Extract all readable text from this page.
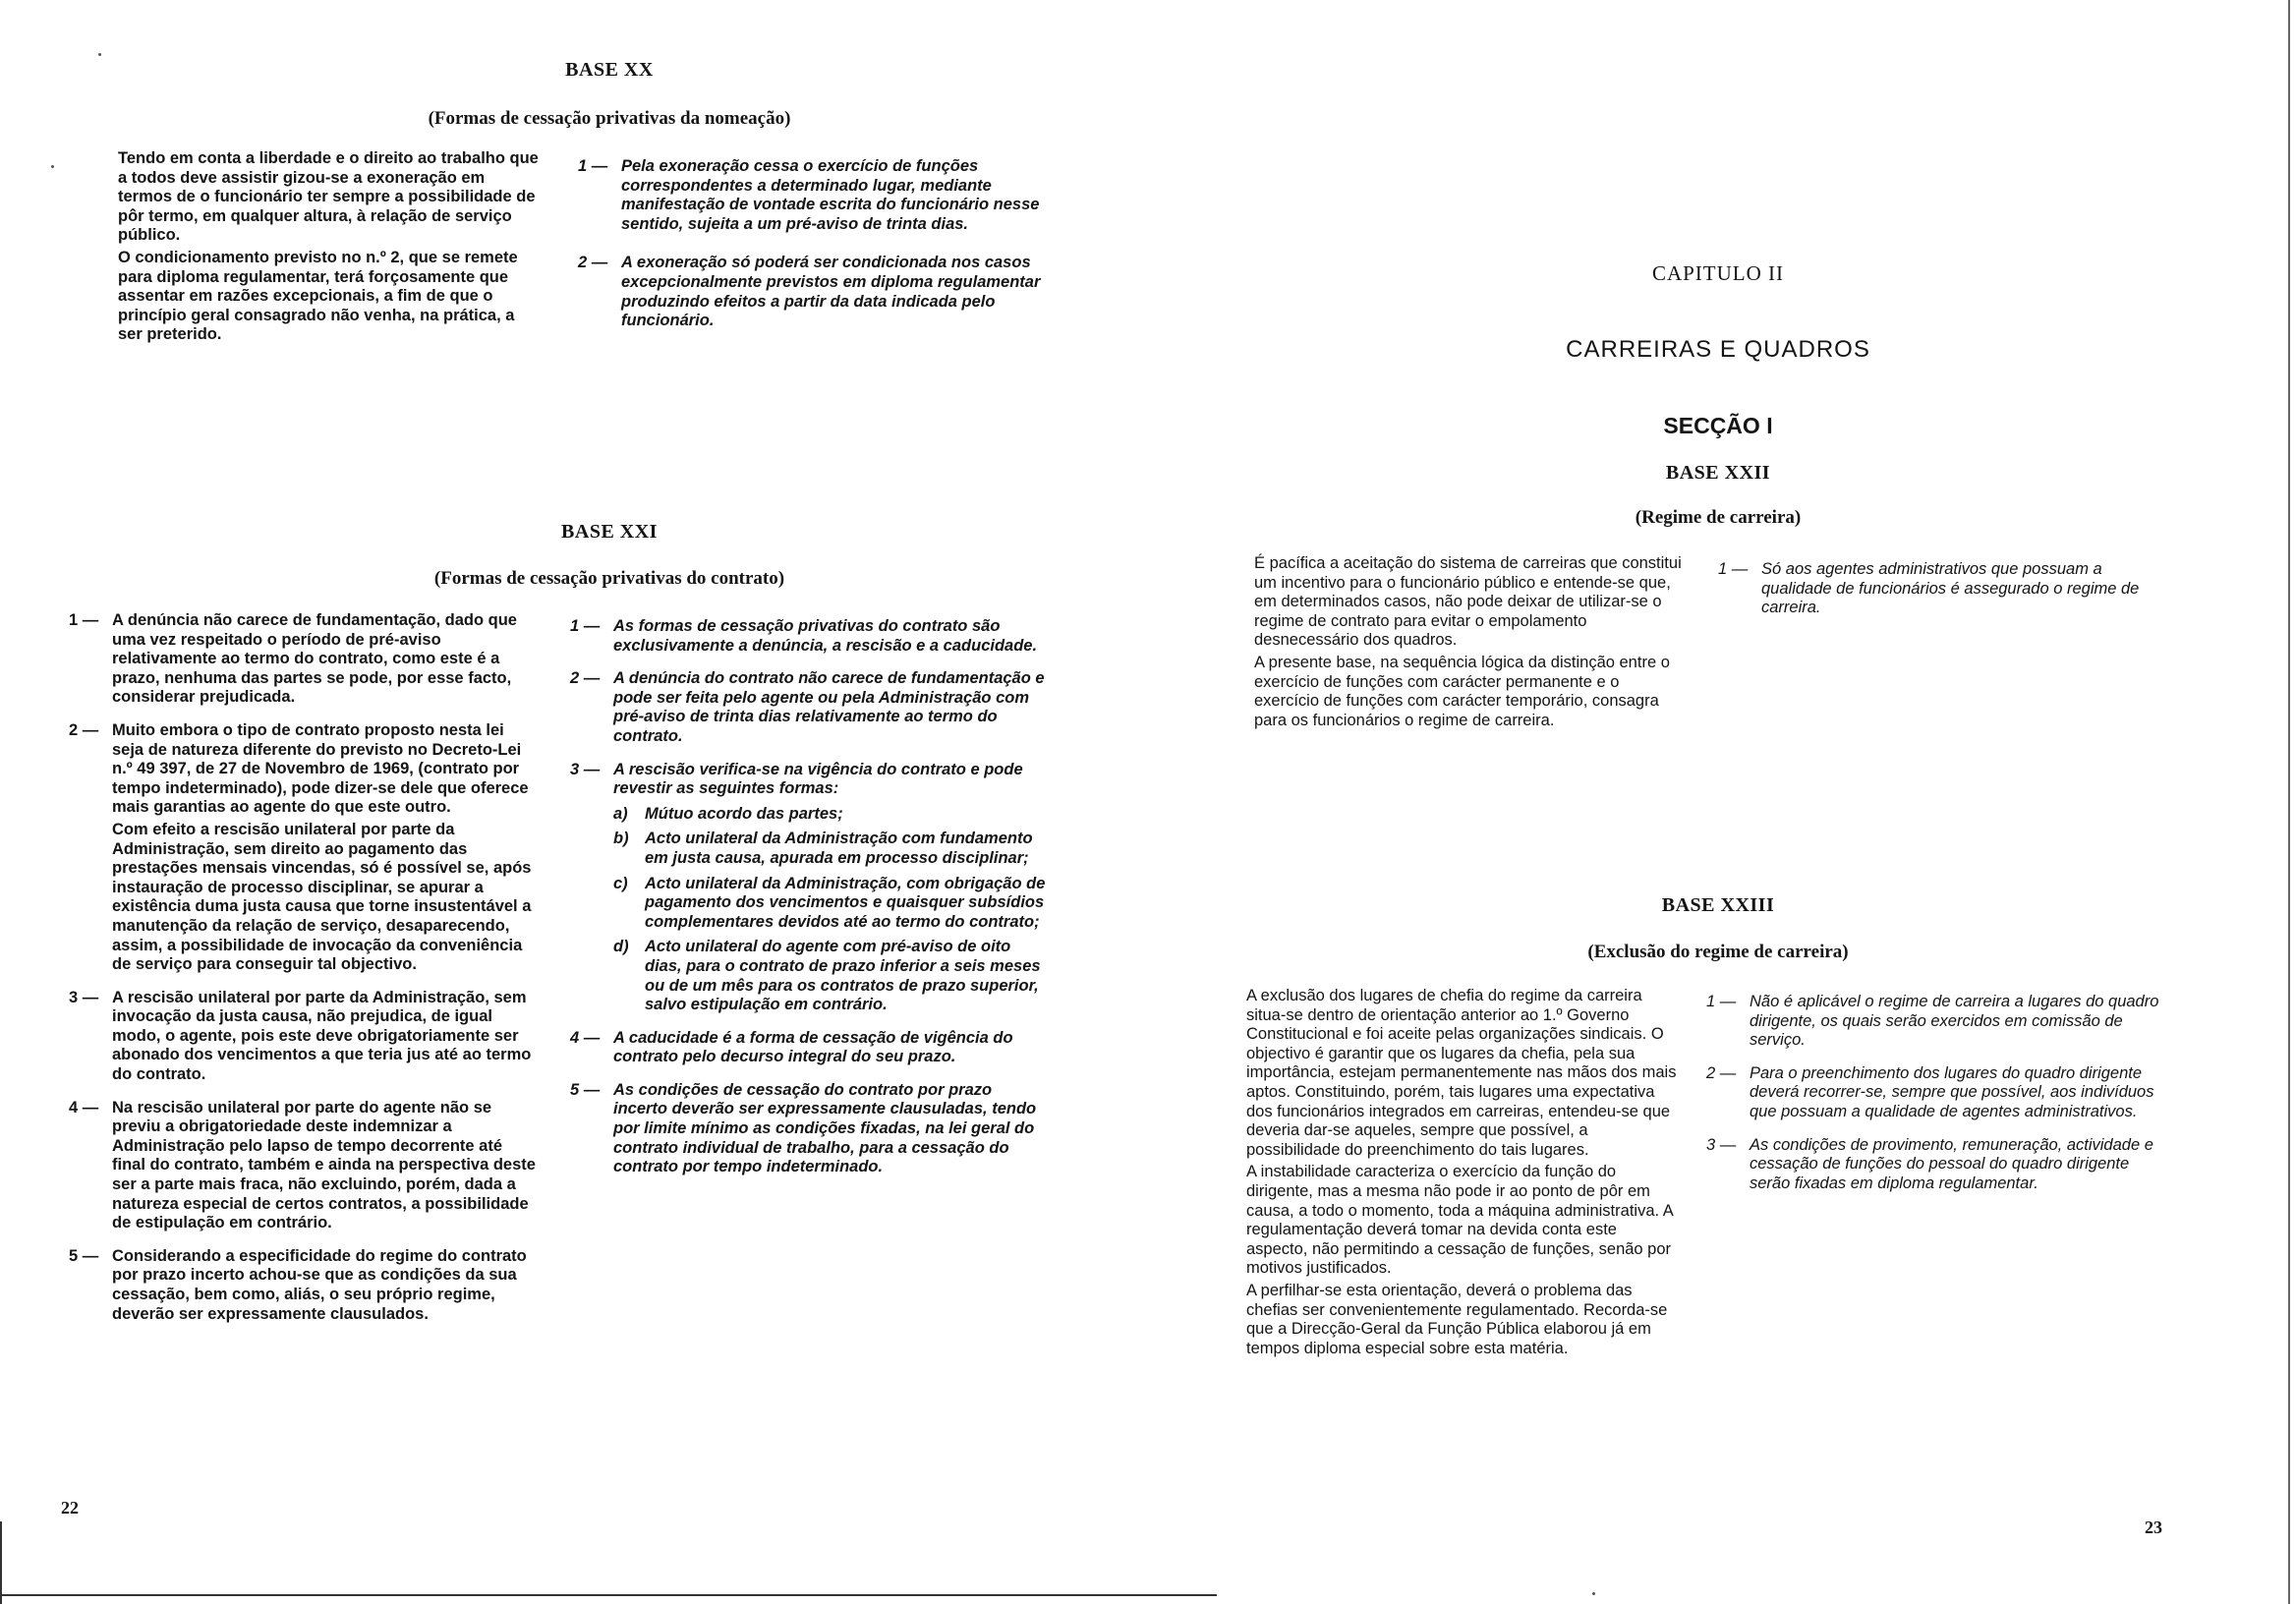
BASE XX
(Formas de cessação privativas da nomeação)

Tendo em conta a liberdade e o direito ao trabalho que a todos deve assistir gizou-se a exoneração em termos de o funcionário ter sempre a possibilidade de pôr termo, em qualquer altura, à relação de serviço público.

O condicionamento previsto no n.º 2, que se remete para diploma regulamentar, terá forçosamente que assentar em razões excepcionais, a fim de que o princípio geral consagrado não venha, na prática, a ser preterido.

1 — Pela exoneração cessa o exercício de funções correspondentes a determinado lugar, mediante manifestação de vontade escrita do funcionário nesse sentido, sujeita a um pré-aviso de trinta dias.
2 — A exoneração só poderá ser condicionada nos casos excepcionalmente previstos em diploma regulamentar produzindo efeitos a partir da data indicada pelo funcionário.
BASE XXI
(Formas de cessação privativas do contrato)
1 — A denúncia não carece de fundamentação, dado que uma vez respeitado o período de pré-aviso relativamente ao termo do contrato, como este é a prazo, nenhuma das partes se pode, por esse facto, considerar prejudicada.
2 — Muito embora o tipo de contrato proposto nesta lei seja de natureza diferente do previsto no Decreto-Lei n.º 49 397, de 27 de Novembro de 1969, (contrato por tempo indeterminado), pode dizer-se dele que oferece mais garantias ao agente do que este outro.

Com efeito a rescisão unilateral por parte da Administração, sem direito ao pagamento das prestações mensais vincendas, só é possível se, após instauração de processo disciplinar, se apurar a existência duma justa causa que torne insustentável a manutenção da relação de serviço, desaparecendo, assim, a possibilidade de invocação da conveniência de serviço para conseguir tal objectivo.

3 — A rescisão unilateral por parte da Administração, sem invocação da justa causa, não prejudica, de igual modo, o agente, pois este deve obrigatoriamente ser abonado dos vencimentos a que teria jus até ao termo do contrato.
4 — Na rescisão unilateral por parte do agente não se previu a obrigatoriedade deste indemnizar a Administração pelo lapso de tempo decorrente até final do contrato, também e ainda na perspectiva deste ser a parte mais fraca, não excluindo, porém, dada a natureza especial de certos contratos, a possibilidade de estipulação em contrário.
5 — Considerando a especificidade do regime do contrato por prazo incerto achou-se que as condições da sua cessação, bem como, aliás, o seu próprio regime, deverão ser expressamente clausulados.
1 — As formas de cessação privativas do contrato são exclusivamente a denúncia, a rescisão e a caducidade.
2 — A denúncia do contrato não carece de fundamentação e pode ser feita pelo agente ou pela Administração com pré-aviso de trinta dias relativamente ao termo do contrato.
3 — A rescisão verifica-se na vigência do contrato e pode revestir as seguintes formas:
a) Mútuo acordo das partes;
b) Acto unilateral da Administração com fundamento em justa causa, apurada em processo disciplinar;
c) Acto unilateral da Administração, com obrigação de pagamento dos vencimentos e quaisquer subsídios complementares devidos até ao termo do contrato;
d) Acto unilateral do agente com pré-aviso de oito dias, para o contrato de prazo inferior a seis meses ou de um mês para os contratos de prazo superior, salvo estipulação em contrário.
4 — A caducidade é a forma de cessação de vigência do contrato pelo decurso integral do seu prazo.
5 — As condições de cessação do contrato por prazo incerto deverão ser expressamente clausuladas, tendo por limite mínimo as condições fixadas, na lei geral do contrato individual de trabalho, para a cessação do contrato por tempo indeterminado.
22
CAPITULO II
CARREIRAS E QUADROS
SECÇÃO I
BASE XXII
(Regime de carreira)

É pacífica a aceitação do sistema de carreiras que constitui um incentivo para o funcionário público e entende-se que, em determinados casos, não pode deixar de utilizar-se o regime de contrato para evitar o empolamento desnecessário dos quadros.

A presente base, na sequência lógica da distinção entre o exercício de funções com carácter permanente e o exercício de funções com carácter temporário, consagra para os funcionários o regime de carreira.

1 — Só aos agentes administrativos que possuam a qualidade de funcionários é assegurado o regime de carreira.
BASE XXIII
(Exclusão do regime de carreira)

A exclusão dos lugares de chefia do regime da carreira situa-se dentro de orientação anterior ao 1.º Governo Constitucional e foi aceite pelas organizações sindicais. O objectivo é garantir que os lugares da chefia, pela sua importância, estejam permanentemente nas mãos dos mais aptos. Constituindo, porém, tais lugares uma expectativa dos funcionários integrados em carreiras, entendeu-se que deveria dar-se aqueles, sempre que possível, a possibilidade do preenchimento do tais lugares.

A instabilidade caracteriza o exercício da função do dirigente, mas a mesma não pode ir ao ponto de pôr em causa, a todo o momento, toda a máquina administrativa. A regulamentação deverá tomar na devida conta este aspecto, não permitindo a cessação de funções, senão por motivos justificados.

A perfilhar-se esta orientação, deverá o problema das chefias ser convenientemente regulamentado. Recorda-se que a Direcção-Geral da Função Pública elaborou já em tempos diploma especial sobre esta matéria.

1 — Não é aplicável o regime de carreira a lugares do quadro dirigente, os quais serão exercidos em comissão de serviço.
2 — Para o preenchimento dos lugares do quadro dirigente deverá recorrer-se, sempre que possível, aos indivíduos que possuam a qualidade de agentes administrativos.
3 — As condições de provimento, remuneração, actividade e cessação de funções do pessoal do quadro dirigente serão fixadas em diploma regulamentar.
23
